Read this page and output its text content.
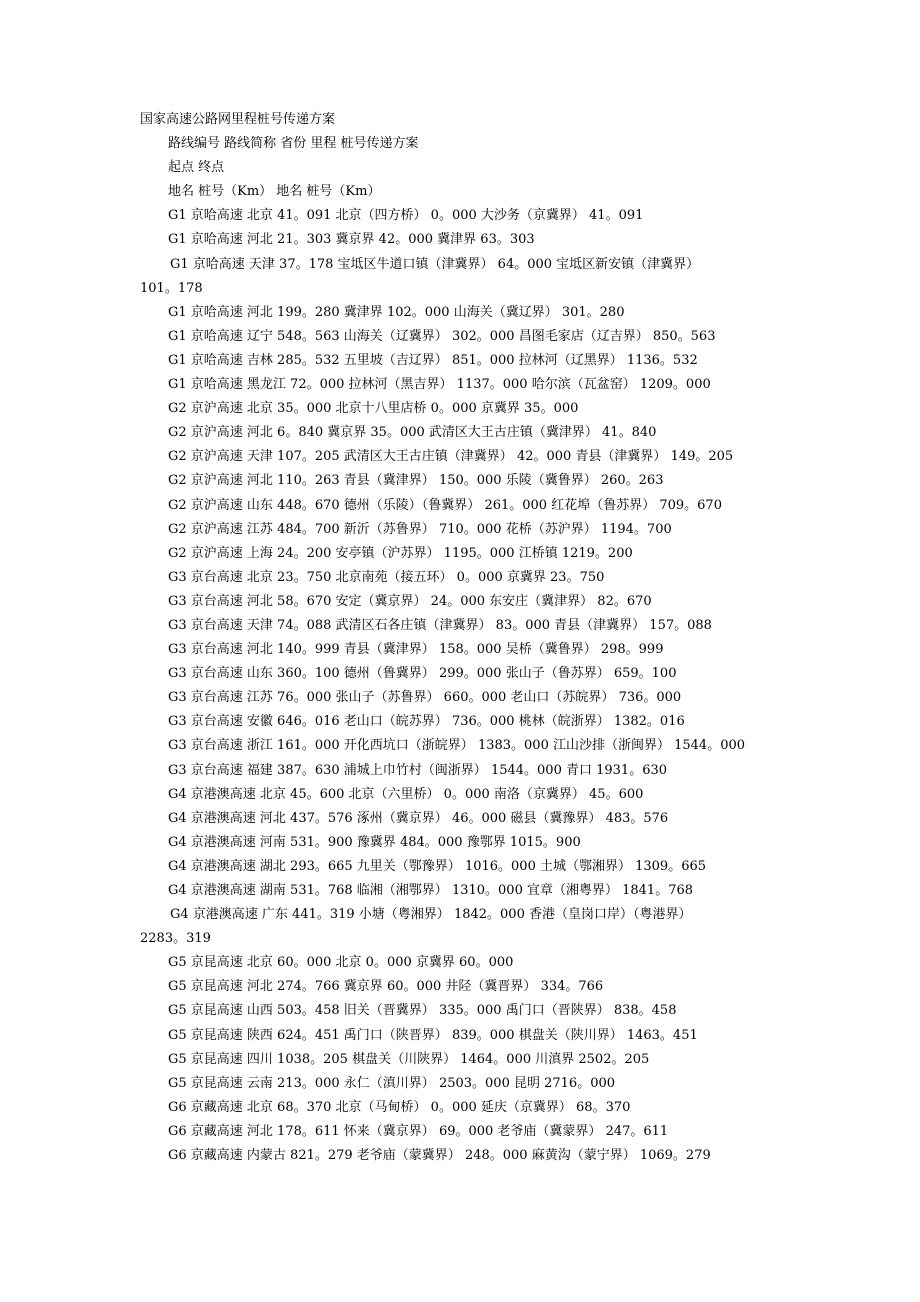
国家高速公路网里程桩号传递方案
路线编号 路线简称 省份 里程 桩号传递方案
起点 终点
地名 桩号（Km） 地名 桩号（Km）
G1 京哈高速 北京 41。091 北京（四方桥） 0。000 大沙务（京冀界） 41。091
G1 京哈高速 河北 21。303 冀京界 42。000 冀津界 63。303
G1 京哈高速 天津 37。178 宝坻区牛道口镇（津冀界） 64。000 宝坻区新安镇（津冀界）
101。178
G1 京哈高速 河北 199。280 冀津界 102。000 山海关（冀辽界） 301。280
G1 京哈高速 辽宁 548。563 山海关（辽冀界） 302。000 昌图毛家店（辽吉界） 850。563
G1 京哈高速 吉林 285。532 五里坡（吉辽界） 851。000 拉林河（辽黑界） 1136。532
G1 京哈高速 黑龙江 72。000 拉林河（黑吉界） 1137。000 哈尔滨（瓦盆窑） 1209。000
G2 京沪高速 北京 35。000 北京十八里店桥 0。000 京冀界 35。000
G2 京沪高速 河北 6。840 冀京界 35。000 武清区大王古庄镇（冀津界） 41。840
G2 京沪高速 天津 107。205 武清区大王古庄镇（津冀界） 42。000 青县（津冀界） 149。205
G2 京沪高速 河北 110。263 青县（冀津界） 150。000 乐陵（冀鲁界） 260。263
G2 京沪高速 山东 448。670 德州（乐陵）（鲁冀界） 261。000 红花埠（鲁苏界） 709。670
G2 京沪高速 江苏 484。700 新沂（苏鲁界） 710。000 花桥（苏沪界） 1194。700
G2 京沪高速 上海 24。200 安亭镇（沪苏界） 1195。000 江桥镇 1219。200
G3 京台高速 北京 23。750 北京南苑（接五环） 0。000 京冀界 23。750
G3 京台高速 河北 58。670 安定（冀京界） 24。000 东安庄（冀津界） 82。670
G3 京台高速 天津 74。088 武清区石各庄镇（津冀界） 83。000 青县（津冀界） 157。088
G3 京台高速 河北 140。999 青县（冀津界） 158。000 吴桥（冀鲁界） 298。999
G3 京台高速 山东 360。100 德州（鲁冀界） 299。000 张山子（鲁苏界） 659。100
G3 京台高速 江苏 76。000 张山子（苏鲁界） 660。000 老山口（苏皖界） 736。000
G3 京台高速 安徽 646。016 老山口（皖苏界） 736。000 桃林（皖浙界） 1382。016
G3 京台高速 浙江 161。000 开化西坑口（浙皖界） 1383。000 江山沙排（浙闽界） 1544。000
G3 京台高速 福建 387。630 浦城上巾竹村（闽浙界） 1544。000 青口 1931。630
G4 京港澳高速 北京 45。600 北京（六里桥） 0。000 南洛（京冀界） 45。600
G4 京港澳高速 河北 437。576 涿州（冀京界） 46。000 磁县（冀豫界） 483。576
G4 京港澳高速 河南 531。900 豫冀界 484。000 豫鄂界 1015。900
G4 京港澳高速 湖北 293。665 九里关（鄂豫界） 1016。000 土城（鄂湘界） 1309。665
G4 京港澳高速 湖南 531。768 临湘（湘鄂界） 1310。000 宜章（湘粤界） 1841。768
G4 京港澳高速 广东 441。319 小塘（粤湘界） 1842。000 香港（皇岗口岸）（粤港界）
2283。319
G5 京昆高速 北京 60。000 北京 0。000 京冀界 60。000
G5 京昆高速 河北 274。766 冀京界 60。000 井陉（冀晋界） 334。766
G5 京昆高速 山西 503。458 旧关（晋冀界） 335。000 禹门口（晋陕界） 838。458
G5 京昆高速 陕西 624。451 禹门口（陕晋界） 839。000 棋盘关（陕川界） 1463。451
G5 京昆高速 四川 1038。205 棋盘关（川陕界） 1464。000 川滇界 2502。205
G5 京昆高速 云南 213。000 永仁（滇川界） 2503。000 昆明 2716。000
G6 京藏高速 北京 68。370 北京（马甸桥） 0。000 延庆（京冀界） 68。370
G6 京藏高速 河北 178。611 怀来（冀京界） 69。000 老爷庙（冀蒙界） 247。611
G6 京藏高速 内蒙古 821。279 老爷庙（蒙冀界） 248。000 麻黄沟（蒙宁界） 1069。279
